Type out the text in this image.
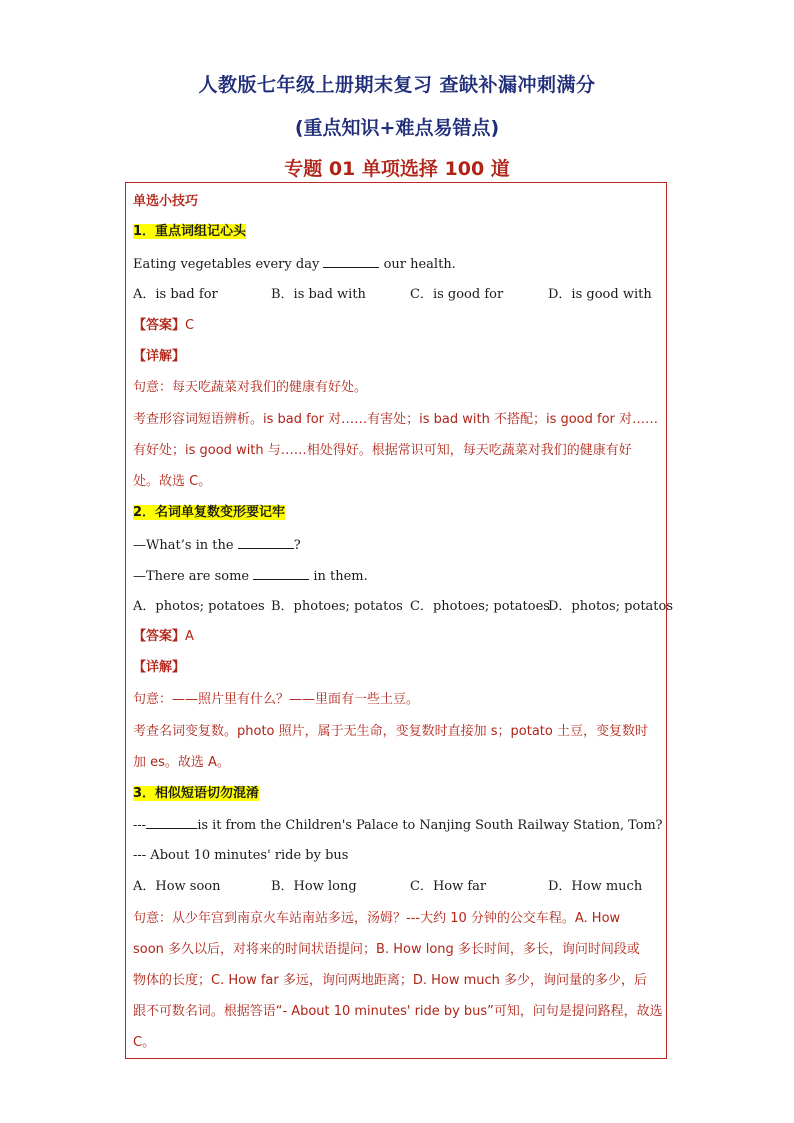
人教版七年级上册期末复习 查缺补漏冲刺满分
(重点知识+难点易错点)
专题 01 单项选择 100 道
单选小技巧
1．重点词组记心头
Eating vegetables every day	our health.
A．is bad for	B．is bad with	C．is good for	D．is good with
【答案】C
【详解】
句意：每天吃蔬菜对我们的健康有好处。
考查形容词短语辨析。is bad for 对……有害处；is bad with 不搭配；is good for 对……
有好处；is good with 与……相处得好。根据常识可知，每天吃蔬菜对我们的健康有好
处。故选 C。
2．名词单复数变形要记牢
—What’s in the	?
—There are some	in them.
A．photos; potatoes B．photoes; potatos C．photoes; potatoes
D．photos; potatos
【答案】A
【详解】
句意：——照片里有什么？——里面有一些土豆。
考查名词变复数。photo 照片，属于无生命，变复数时直接加 s；potato 土豆，变复数时
加 es。故选 A。
3．相似短语切勿混淆
---	is it from the Children's Palace to Nanjing South Railway Station, Tom?
--- About 10 minutes' ride by bus
A．How soon	B．How long	C．How far	D．How much
句意：从少年宫到南京火车站南站多远，汤姆？---大约 10 分钟的公交车程。A. How
soon 多久以后，对将来的时间状语提问；B. How long 多长时间，多长，询问时间段或
物体的长度；C. How far 多远，询问两地距离；D. How much 多少，询问量的多少，后
跟不可数名词。根据答语“- About 10 minutes' ride by bus”可知，问句是提问路程，故选
C。
